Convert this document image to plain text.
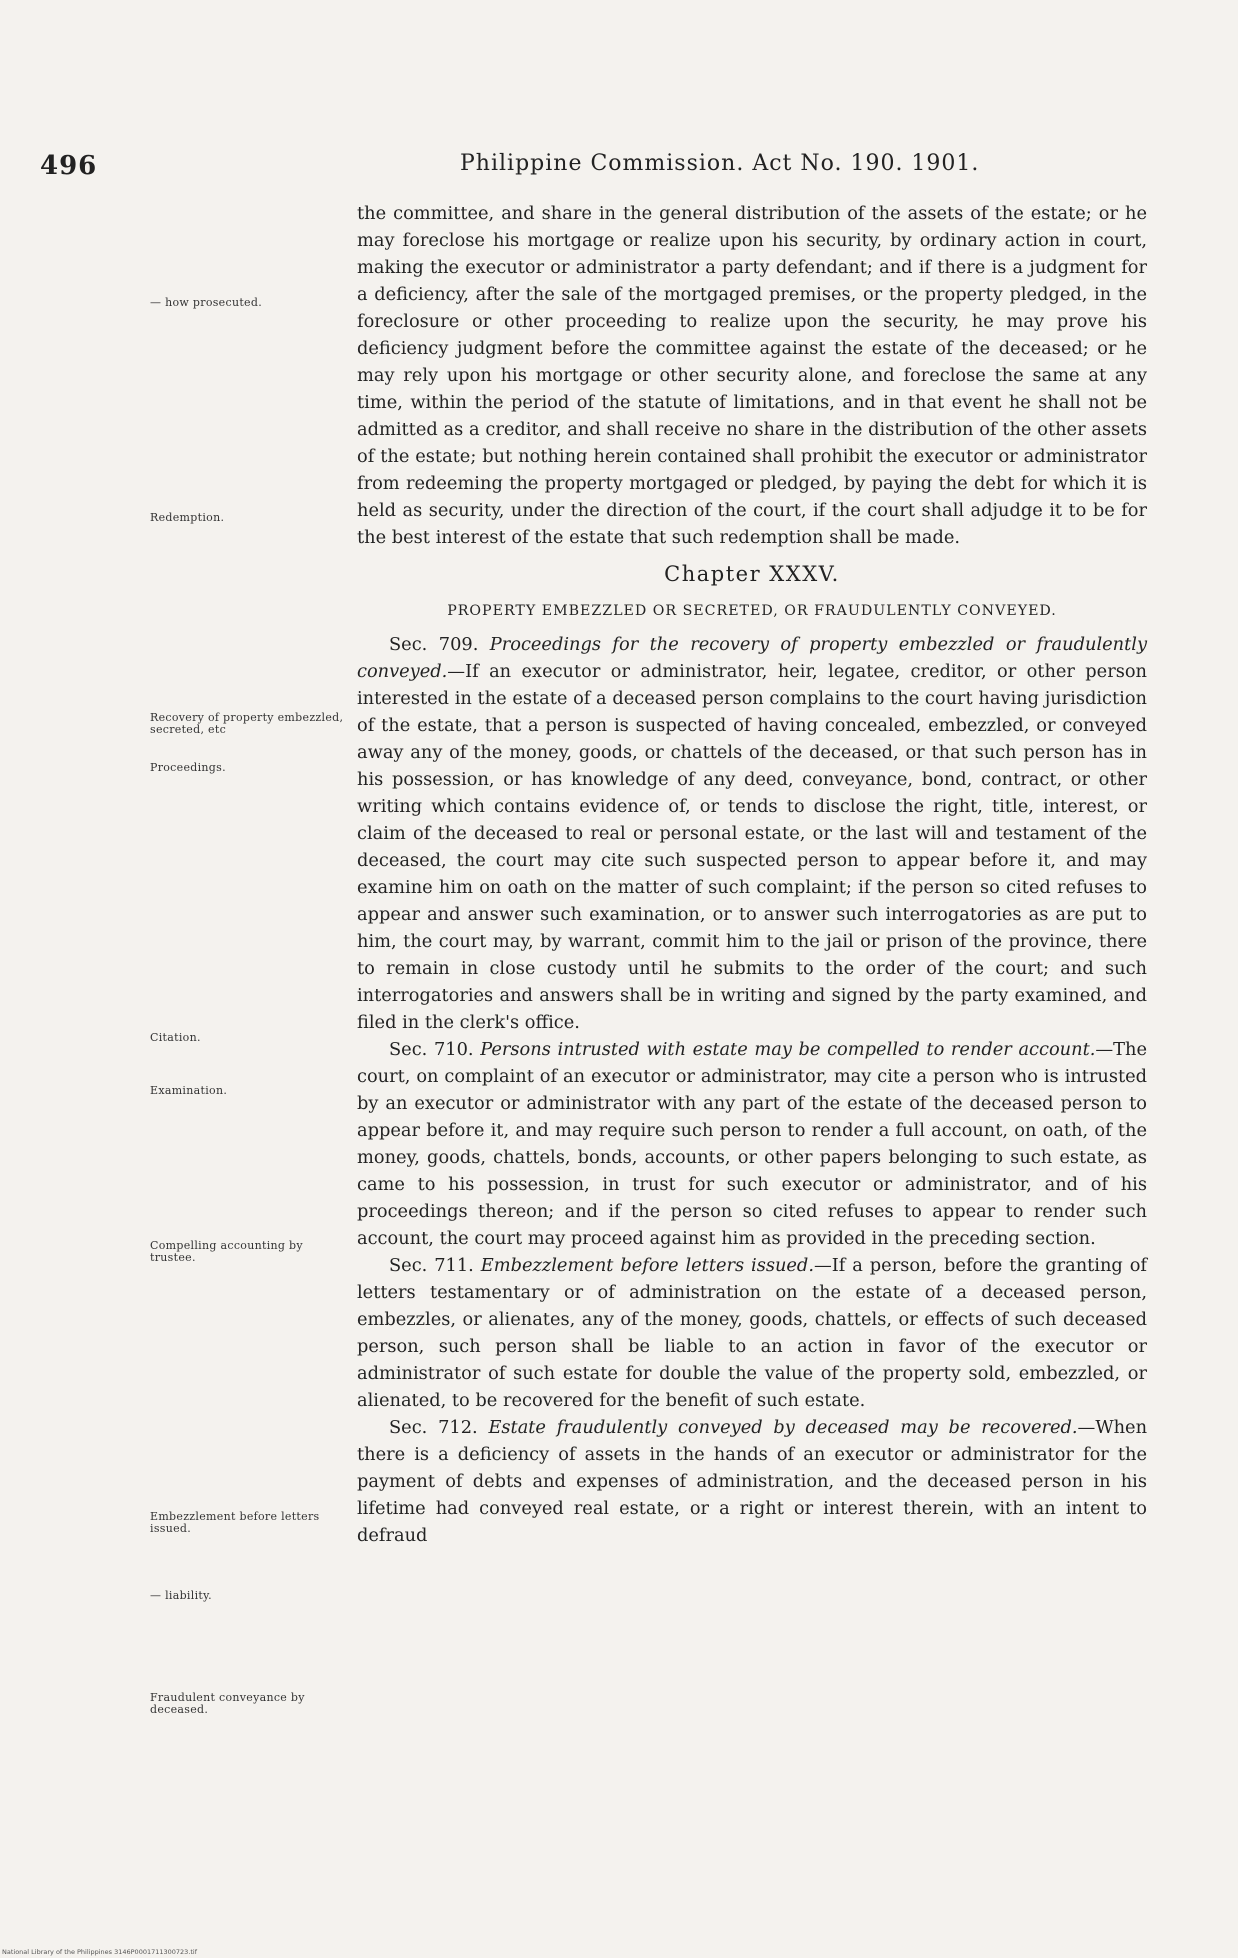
496	Philippine Commission. Act No. 190. 1901.
— how prosecuted.
Redemption.
Recovery of property embezzled, secreted, etc
Proceedings.
Citation.
Examination.
Compelling accounting by trustee.
Embezzlement before letters issued.
— liability.
Fraudulent conveyance by deceased.

the committee, and share in the general distribution of the assets of the estate; or he may foreclose his mortgage or realize upon his security, by ordinary action in court, making the executor or administrator a party defendant; and if there is a judgment for a deficiency, after the sale of the mortgaged premises, or the property pledged, in the foreclosure or other proceeding to realize upon the security, he may prove his deficiency judgment before the committee against the estate of the deceased; or he may rely upon his mortgage or other security alone, and foreclose the same at any time, within the period of the statute of limitations, and in that event he shall not be admitted as a creditor, and shall receive no share in the distribution of the other assets of the estate; but nothing herein contained shall prohibit the executor or administrator from redeeming the property mortgaged or pledged, by paying the debt for which it is held as security, under the direction of the court, if the court shall adjudge it to be for the best interest of the estate that such redemption shall be made.

Chapter XXXV.
PROPERTY EMBEZZLED OR SECRETED, OR FRAUDULENTLY CONVEYED.

Sec. 709. Proceedings for the recovery of property embezzled or fraudulently conveyed.—If an executor or administrator, heir, legatee, creditor, or other person interested in the estate of a deceased person complains to the court having jurisdiction of the estate, that a person is suspected of having concealed, embezzled, or conveyed away any of the money, goods, or chattels of the deceased, or that such person has in his possession, or has knowledge of any deed, conveyance, bond, contract, or other writing which contains evidence of, or tends to disclose the right, title, interest, or claim of the deceased to real or personal estate, or the last will and testament of the deceased, the court may cite such suspected person to appear before it, and may examine him on oath on the matter of such complaint; if the person so cited refuses to appear and answer such examination, or to answer such interrogatories as are put to him, the court may, by warrant, commit him to the jail or prison of the province, there to remain in close custody until he submits to the order of the court; and such interrogatories and answers shall be in writing and signed by the party examined, and filed in the clerk's office.

Sec. 710. Persons intrusted with estate may be compelled to render account.—The court, on complaint of an executor or administrator, may cite a person who is intrusted by an executor or administrator with any part of the estate of the deceased person to appear before it, and may require such person to render a full account, on oath, of the money, goods, chattels, bonds, accounts, or other papers belonging to such estate, as came to his possession, in trust for such executor or administrator, and of his proceedings thereon; and if the person so cited refuses to appear to render such account, the court may proceed against him as provided in the preceding section.

Sec. 711. Embezzlement before letters issued.—If a person, before the granting of letters testamentary or of administration on the estate of a deceased person, embezzles, or alienates, any of the money, goods, chattels, or effects of such deceased person, such person shall be liable to an action in favor of the executor or administrator of such estate for double the value of the property sold, embezzled, or alienated, to be recovered for the benefit of such estate.

Sec. 712. Estate fraudulently conveyed by deceased may be recovered.—When there is a deficiency of assets in the hands of an executor or administrator for the payment of debts and expenses of administration, and the deceased person in his lifetime had conveyed real estate, or a right or interest therein, with an intent to defraud

National Library of the Philippines 3146P0001711300723.tif
